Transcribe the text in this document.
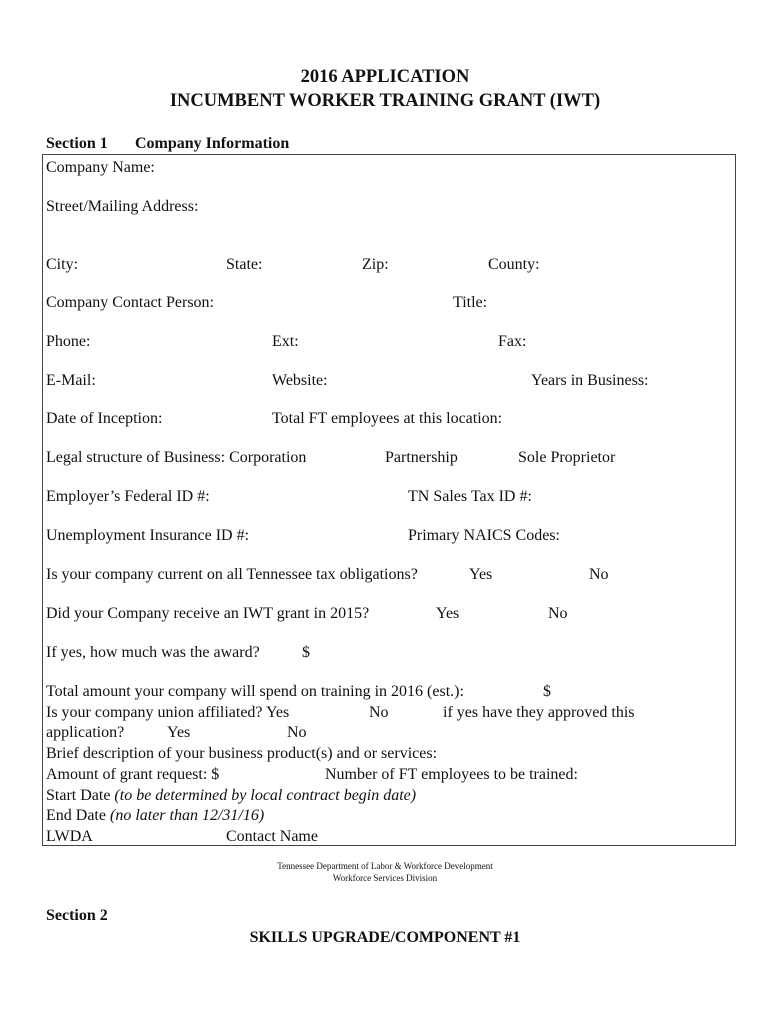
2016 APPLICATION
INCUMBENT WORKER TRAINING GRANT (IWT)
Section 1 Company Information
Company Name:
Street/Mailing Address:
City:	State:	Zip:	County:
Company Contact Person:	Title:
Phone:	Ext:	Fax:
E-Mail:	Website:	Years in Business:
Date of Inception:	Total FT employees at this location:
Legal structure of Business: Corporation	Partnership	Sole Proprietor
Employer’s Federal ID #:	TN Sales Tax ID #:
Unemployment Insurance ID #:	Primary NAICS Codes:
Is your company current on all Tennessee tax obligations?	Yes	No
Did your Company receive an IWT grant in 2015?	Yes	No
If yes, how much was the award?	$
Total amount your company will spend on training in 2016 (est.):	$
Is your company union affiliated? Yes	No	if yes have they approved this
application?	Yes	No
Brief description of your business product(s) and or services:
Amount of grant request: $	Number of FT employees to be trained:
Start Date (to be determined by local contract begin date)
End Date (no later than 12/31/16)
LWDA	Contact Name
Tennessee Department of Labor & Workforce Development
Workforce Services Division
Section 2
SKILLS UPGRADE/COMPONENT #1
